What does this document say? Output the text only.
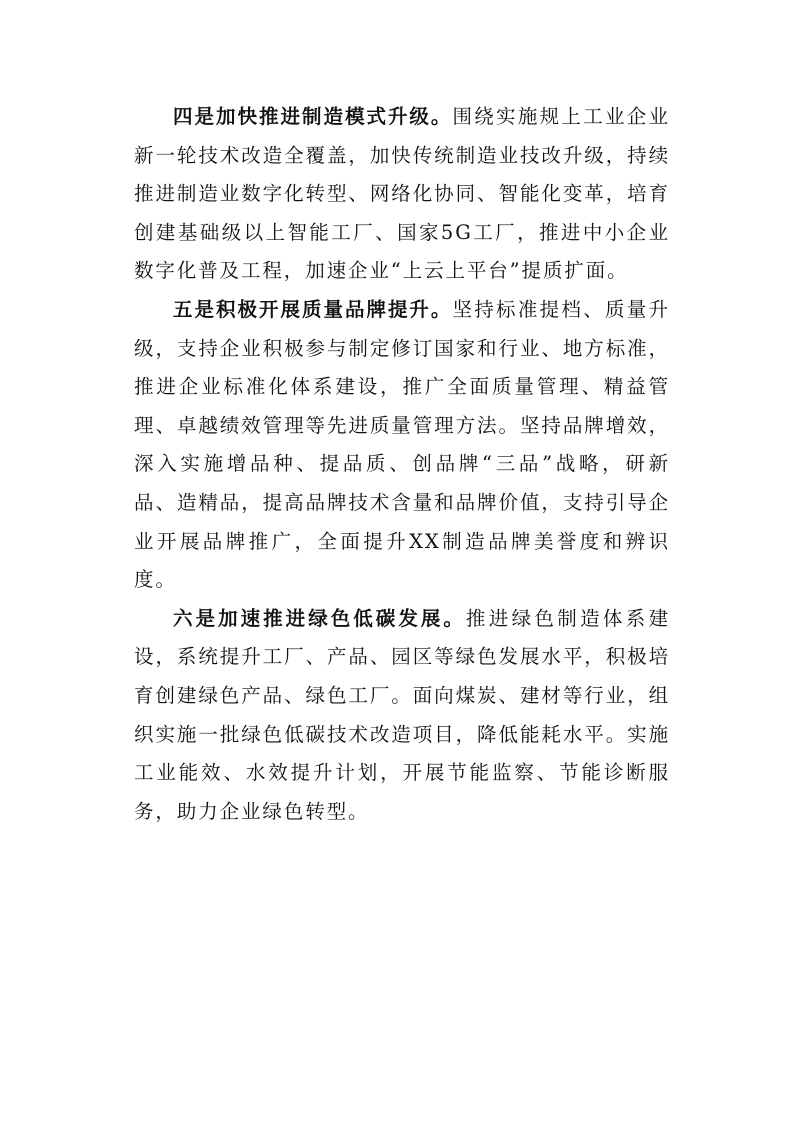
四是加快推进制造模式升级。围绕实施规上工业企业新一轮技术改造全覆盖，加快传统制造业技改升级，持续推进制造业数字化转型、网络化协同、智能化变革，培育创建基础级以上智能工厂、国家5G工厂，推进中小企业数字化普及工程，加速企业“上云上平台”提质扩面。

五是积极开展质量品牌提升。坚持标准提档、质量升级，支持企业积极参与制定修订国家和行业、地方标准，推进企业标准化体系建设，推广全面质量管理、精益管理、卓越绩效管理等先进质量管理方法。坚持品牌增效，深入实施增品种、提品质、创品牌“三品”战略，研新品、造精品，提高品牌技术含量和品牌价值，支持引导企业开展品牌推广，全面提升XX制造品牌美誉度和辨识度。

六是加速推进绿色低碳发展。推进绿色制造体系建设，系统提升工厂、产品、园区等绿色发展水平，积极培育创建绿色产品、绿色工厂。面向煤炭、建材等行业，组织实施一批绿色低碳技术改造项目，降低能耗水平。实施工业能效、水效提升计划，开展节能监察、节能诊断服务，助力企业绿色转型。
